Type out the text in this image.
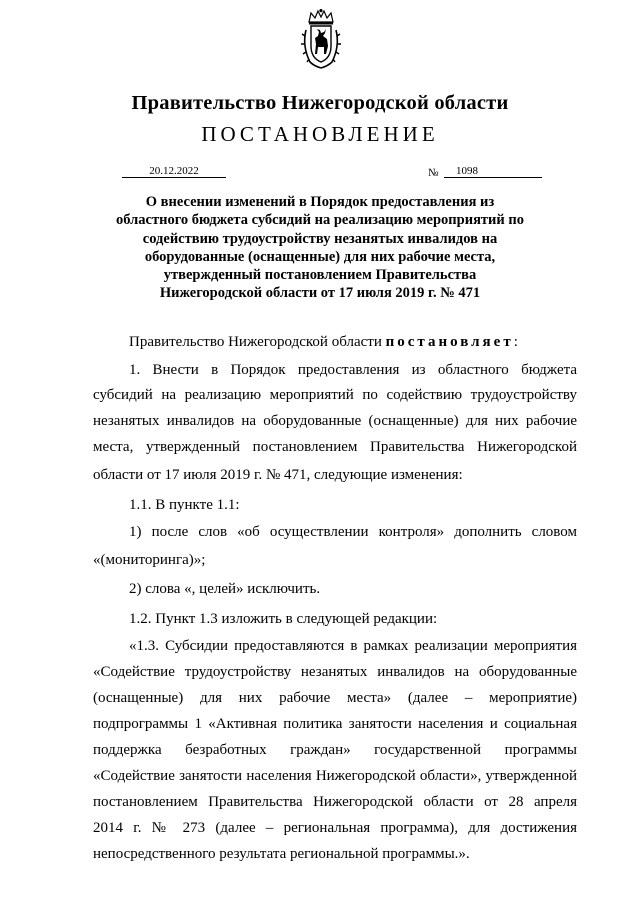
Правительство Нижегородской области
ПОСТАНОВЛЕНИЕ
20.12.2022	№	1098
О внесении изменений в Порядок предоставления из
областного бюджета субсидий на реализацию мероприятий по
содействию трудоустройству незанятых инвалидов на
оборудованные (оснащенные) для них рабочие места,
утвержденный постановлением Правительства
Нижегородской области от 17 июля 2019 г. № 471
Правительство Нижегородской области постановляет:
1. Внести в Порядок предоставления из областного бюджета
субсидий на реализацию мероприятий по содействию трудоустройству
незанятых инвалидов на оборудованные (оснащенные) для них рабочие
места, утвержденный постановлением Правительства Нижегородской
области от 17 июля 2019 г. № 471, следующие изменения:
1.1. В пункте 1.1:
1) после слов «об осуществлении контроля» дополнить словом
«(мониторинга)»;
2) слова «, целей» исключить.
1.2. Пункт 1.3 изложить в следующей редакции:
«1.3. Субсидии предоставляются в рамках реализации мероприятия
«Содействие трудоустройству незанятых инвалидов на оборудованные
(оснащенные) для них рабочие места» (далее – мероприятие)
подпрограммы 1 «Активная политика занятости населения и социальная
поддержка безработных граждан» государственной программы
«Содействие занятости населения Нижегородской области», утвержденной
постановлением Правительства Нижегородской области от 28 апреля
2014 г. № 273 (далее – региональная программа), для достижения
непосредственного результата региональной программы.».
